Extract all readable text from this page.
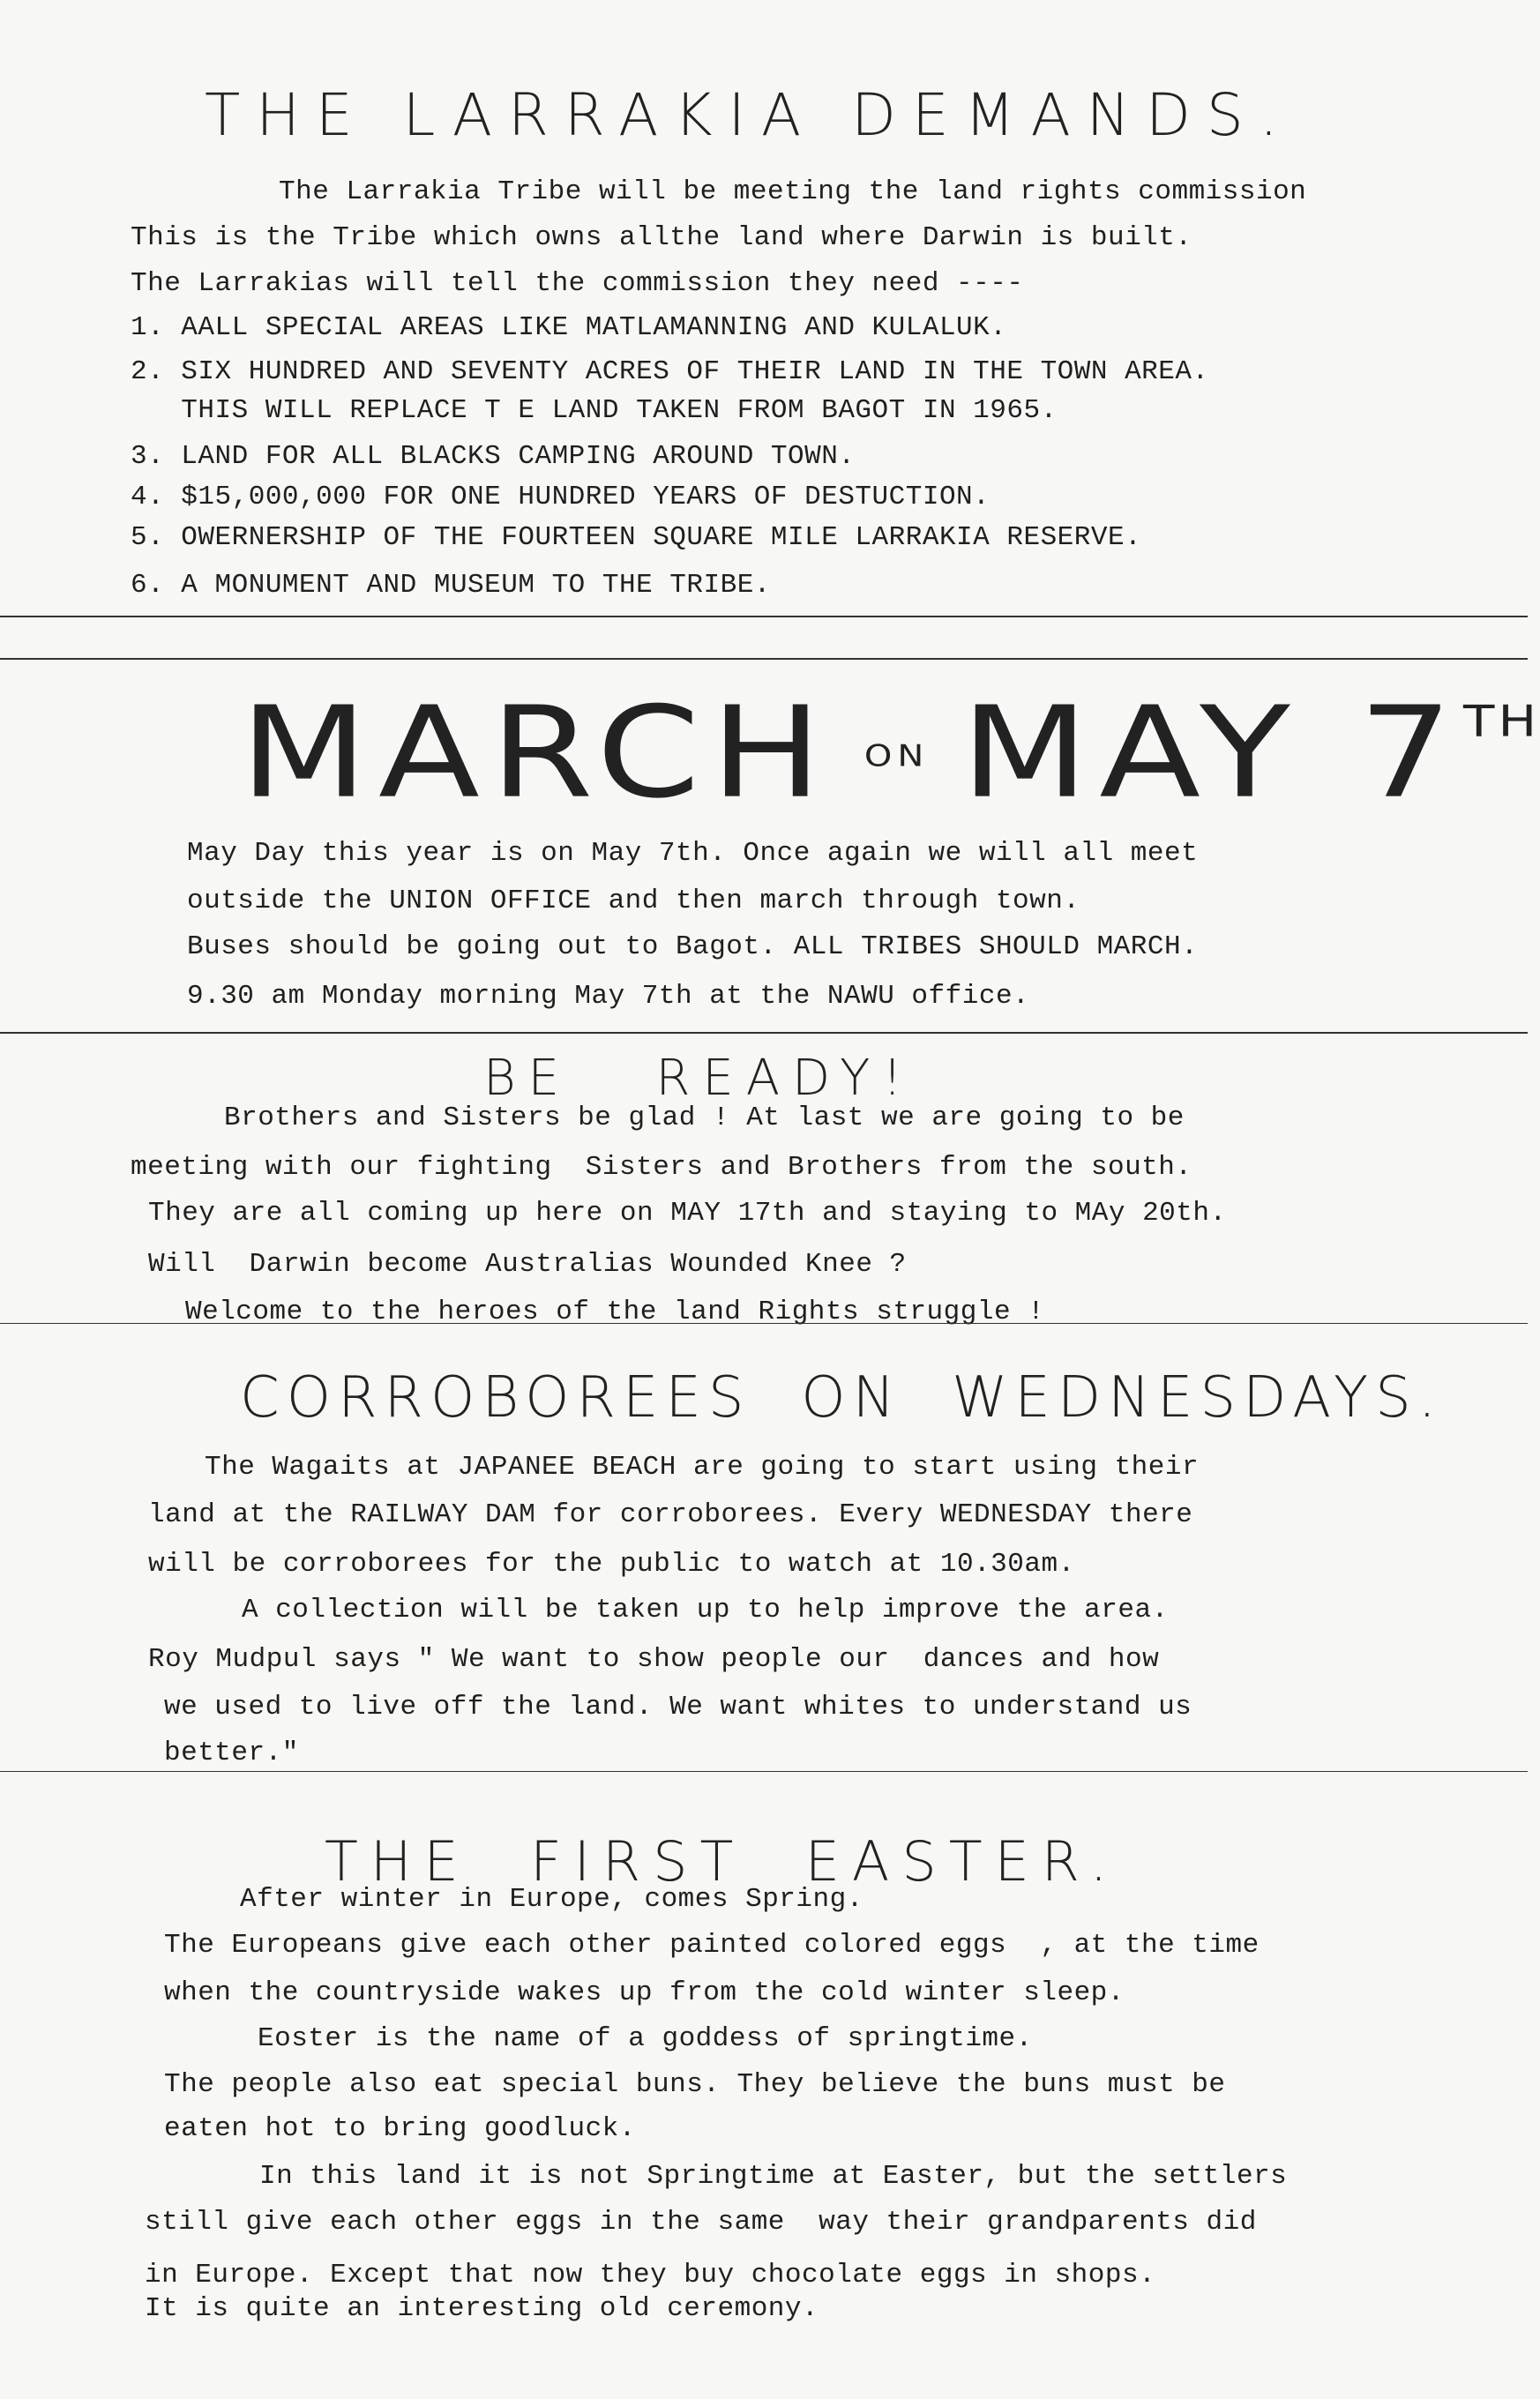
THE LARRAKIA DEMANDS.
The Larrakia Tribe will be meeting the land rights commission
This is the Tribe which owns allthe land where Darwin is built.
The Larrakias will tell the commission they need ----
1. AALL SPECIAL AREAS LIKE MATLAMANNING AND KULALUK.
2. SIX HUNDRED AND SEVENTY ACRES OF THEIR LAND IN THE TOWN AREA.
THIS WILL REPLACE T E LAND TAKEN FROM BAGOT IN 1965.
3. LAND FOR ALL BLACKS CAMPING AROUND TOWN.
4. $15,000,000 FOR ONE HUNDRED YEARS OF DESTUCTION.
5. OWERNERSHIP OF THE FOURTEEN SQUARE MILE LARRAKIA RESERVE.
6. A MONUMENT AND MUSEUM TO THE TRIBE.
MARCH $^{ON}$ MAY 7TH
May Day this year is on May 7th. Once again we will all meet
outside the UNION OFFICE and then march through town.
Buses should be going out to Bagot. ALL TRIBES SHOULD MARCH.
9.30 am Monday morning May 7th at the NAWU office.
BE   READY!
Brothers and Sisters be glad ! At last we are going to be
meeting with our fighting  Sisters and Brothers from the south.
They are all coming up here on MAY 17th and staying to MAy 20th.
Will  Darwin become Australias Wounded Knee ?
Welcome to the heroes of the land Rights struggle !
CORROBOREES  ON  WEDNESDAYS.
The Wagaits at JAPANEE BEACH are going to start using their
land at the RAILWAY DAM for corroborees. Every WEDNESDAY there
will be corroborees for the public to watch at 10.30am.
A collection will be taken up to help improve the area.
Roy Mudpul says " We want to show people our  dances and how
we used to live off the land. We want whites to understand us
better."
THE  FIRST  EASTER.
After winter in Europe, comes Spring.
The Europeans give each other painted colored eggs  , at the time
when the countryside wakes up from the cold winter sleep.
Eoster is the name of a goddess of springtime.
The people also eat special buns. They believe the buns must be
eaten hot to bring goodluck.
In this land it is not Springtime at Easter, but the settlers
still give each other eggs in the same  way their grandparents did
in Europe. Except that now they buy chocolate eggs in shops.
It is quite an interesting old ceremony.
